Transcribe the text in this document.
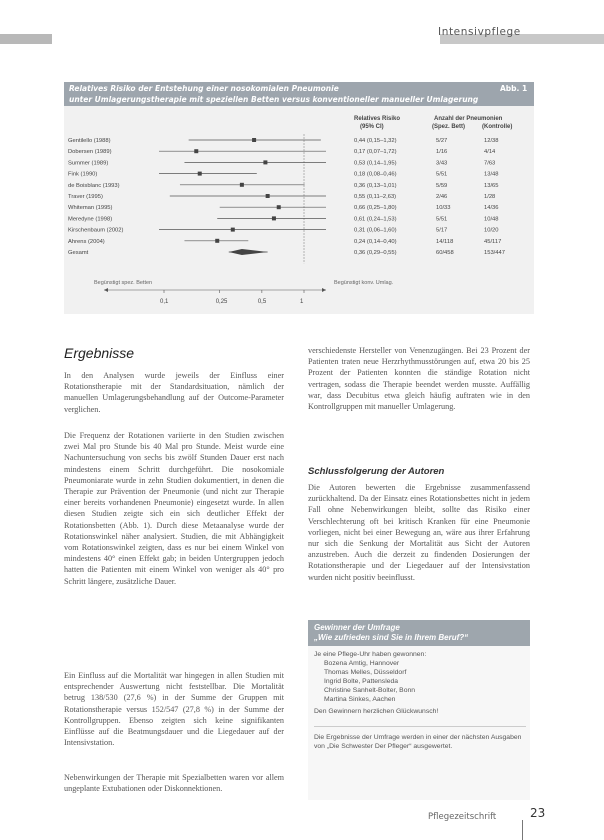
Intensivpflege
Relatives Risiko der Entstehung einer nosokomialen Pneumonie
unter Umlagerungstherapie mit speziellen Betten versus konventioneller manueller Umlagerung
Abb. 1
Relatives Risiko
(95% CI)
Anzahl der Pneumonien
(Spez. Bett)	(Kontrolle)
Begünstigt spez. Betten	Begünstigt konv. Umlag.
Gentilello (1988)	0,44 (0,15–1,32)	5/27	12/38
Dobersen (1989)	0,17 (0,07–1,72)	1/16	4/14
Summer (1989)	0,53 (0,14–1,95)	3/43	7/63
Fink (1990)	0,18 (0,08–0,46)	5/51	13/48
de Boisblanc (1993)	0,36 (0,13–1,01)	5/59	13/65
Traver (1995)	0,55 (0,11–2,63)	2/46	1/28
Whiteman (1995)	0,66 (0,25–1,80)	10/33	14/36
Meredyne (1998)	0,61 (0,24–1,53)	5/51	10/48
Kirschenbaum (2002)	0,31 (0,06–1,60)	5/17	10/20
Ahrens (2004)	0,24 (0,14–0,40)	14/118	45/117
Gesamt	0,36 (0,29–0,55)	60/458	153/447
0,1	0,25	0,5	1
Ergebnisse
In den Analysen wurde jeweils der Einfluss einer Rotationstherapie mit der Standardsituation, nämlich der manuellen Umlagerungsbehandlung auf der Outcome-Parameter verglichen.
Die Frequenz der Rotationen variierte in den Studien zwischen zwei Mal pro Stunde bis 40 Mal pro Stunde. Meist wurde eine Nachuntersuchung von sechs bis zwölf Stunden Dauer erst nach mindestens einem Schritt durchgeführt. Die nosokomiale Pneumoniarate wurde in zehn Studien dokumentiert, in denen die Therapie zur Prävention der Pneumonie (und nicht zur Therapie einer bereits vorhandenen Pneumonie) eingesetzt wurde. In allen diesen Studien zeigte sich ein sich deutlicher Effekt der Rotationsbetten (Abb. 1). Durch diese Metaanalyse wurde der Rotationswinkel näher analysiert. Studien, die mit Abhängigkeit vom Rotationswinkel zeigten, dass es nur bei einem Winkel von mindestens 40° einen Effekt gab; in beiden Untergruppen jedoch hatten die Patienten mit einem Winkel von weniger als 40° pro Schritt längere, zusätzliche Dauer.
Ein Einfluss auf die Mortalität war hingegen in allen Studien mit entsprechender Auswertung nicht feststellbar. Die Mortalität betrug 138/530 (27,6 %) in der Summe der Gruppen mit Rotationstherapie versus 152/547 (27,8 %) in der Summe der Kontrollgruppen. Ebenso zeigten sich keine signifikanten Einflüsse auf die Beatmungsdauer und die Liegedauer auf der Intensivstation.
Nebenwirkungen der Therapie mit Spezialbetten waren vor allem ungeplante Extubationen oder Diskonnektionen.
verschiedenste Hersteller von Venenzugängen. Bei 23 Prozent der Patienten traten neue Herzrhythmusstörungen auf, etwa 20 bis 25 Prozent der Patienten konnten die ständige Rotation nicht vertragen, sodass die Therapie beendet werden musste. Auffällig war, dass Decubitus etwa gleich häufig auftraten wie in den Kontrollgruppen mit manueller Umlagerung.
Schlussfolgerung der Autoren
Die Autoren bewerten die Ergebnisse zusammenfassend zurückhaltend. Da der Einsatz eines Rotationsbettes nicht in jedem Fall ohne Nebenwirkungen bleibt, sollte das Risiko einer Verschlechterung oft bei kritisch Kranken für eine Pneumonie vorliegen, nicht bei einer Bewegung an, wäre aus ihrer Erfahrung nur sich die Senkung der Mortalität aus Sicht der Autoren anzustreben. Auch die derzeit zu findenden Dosierungen der Rotationstherapie und der Liegedauer auf der Intensivstation wurden nicht positiv beeinflusst.
Gewinner der Umfrage
„Wie zufrieden sind Sie in Ihrem Beruf?“
Je eine Pflege-Uhr haben gewonnen:
Bozena Amtig, Hannover
Thomas Melles, Düsseldorf
Ingrid Bolte, Pattensleda
Christine Sanhelt-Bolter, Bonn
Martina Sinkes, Aachen
Den Gewinnern herzlichen Glückwunsch!
Die Ergebnisse der Umfrage werden in einer der nächsten Ausgaben von „Die Schwester Der Pfleger“ ausgewertet.
Pflegezeitschrift	23
